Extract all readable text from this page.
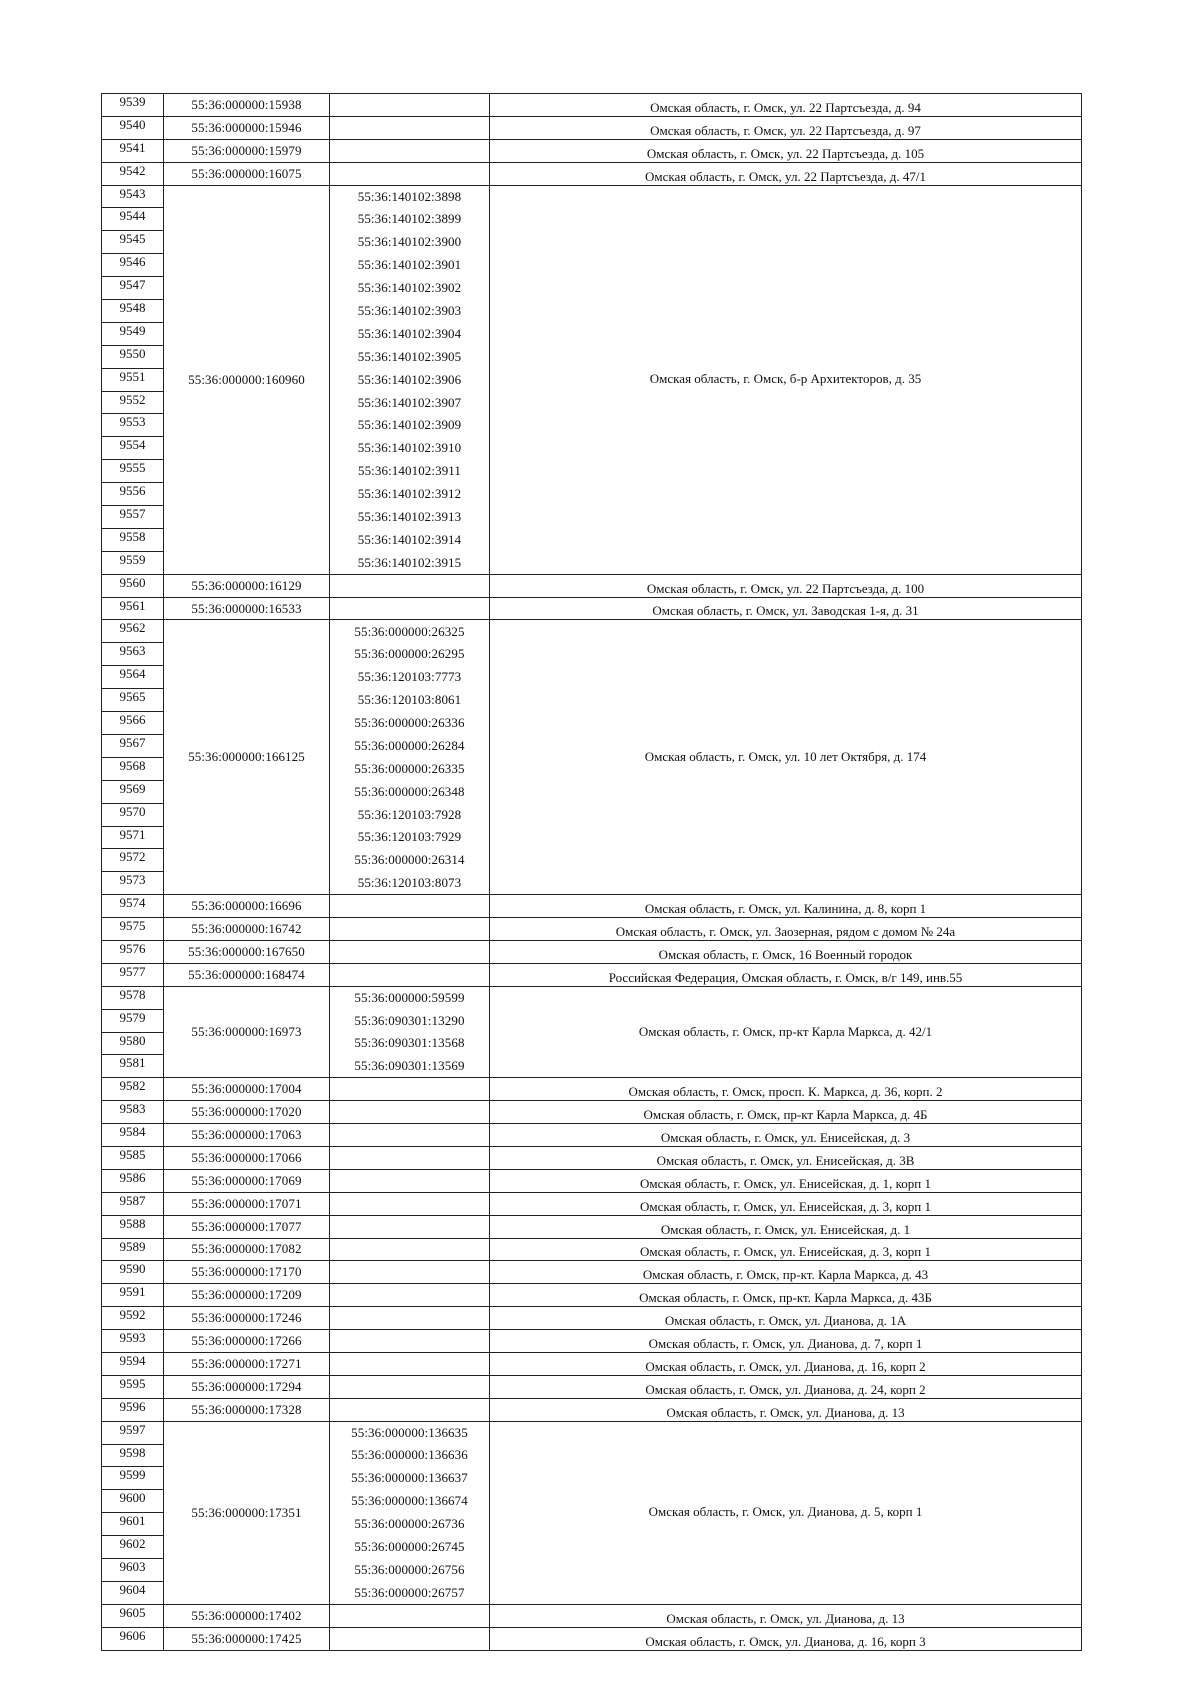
9539	55:36:000000:15938		Омская область, г. Омск, ул. 22 Партсъезда, д. 94
9540	55:36:000000:15946		Омская область, г. Омск, ул. 22 Партсъезда, д. 97
9541	55:36:000000:15979		Омская область, г. Омск, ул. 22 Партсъезда, д. 105
9542	55:36:000000:16075		Омская область, г. Омск, ул. 22 Партсъезда, д. 47/1
9543	55:36:000000:160960	55:36:140102:3898	Омская область, г. Омск, б-р Архитекторов, д. 35
9544		55:36:140102:3899	
9545		55:36:140102:3900	
9546		55:36:140102:3901	
9547		55:36:140102:3902	
9548		55:36:140102:3903	
9549		55:36:140102:3904	
9550		55:36:140102:3905	
9551		55:36:140102:3906	
9552		55:36:140102:3907	
9553		55:36:140102:3909	
9554		55:36:140102:3910	
9555		55:36:140102:3911	
9556		55:36:140102:3912	
9557		55:36:140102:3913	
9558		55:36:140102:3914	
9559		55:36:140102:3915	
9560	55:36:000000:16129		Омская область, г. Омск, ул. 22 Партсъезда, д. 100
9561	55:36:000000:16533		Омская область, г. Омск, ул. Заводская 1-я, д. 31
9562	55:36:000000:166125	55:36:000000:26325	Омская область, г. Омск, ул. 10 лет Октября, д. 174
9563		55:36:000000:26295	
9564		55:36:120103:7773	
9565		55:36:120103:8061	
9566		55:36:000000:26336	
9567		55:36:000000:26284	
9568		55:36:000000:26335	
9569		55:36:000000:26348	
9570		55:36:120103:7928	
9571		55:36:120103:7929	
9572		55:36:000000:26314	
9573		55:36:120103:8073	
9574	55:36:000000:16696		Омская область, г. Омск, ул. Калинина, д. 8, корп 1
9575	55:36:000000:16742		Омская область, г. Омск, ул. Заозерная, рядом с домом № 24а
9576	55:36:000000:167650		Омская область, г. Омск, 16 Военный городок
9577	55:36:000000:168474		Российская Федерация, Омская область, г. Омск, в/г 149, инв.55
9578	55:36:000000:16973	55:36:000000:59599	Омская область, г. Омск, пр-кт Карла Маркса, д. 42/1
9579		55:36:090301:13290	
9580		55:36:090301:13568	
9581		55:36:090301:13569	
9582	55:36:000000:17004		Омская область, г. Омск, просп. К. Маркса, д. 36, корп. 2
9583	55:36:000000:17020		Омская область, г. Омск, пр-кт Карла Маркса, д. 4Б
9584	55:36:000000:17063		Омская область, г. Омск, ул. Енисейская, д. 3
9585	55:36:000000:17066		Омская область, г. Омск, ул. Енисейская, д. 3В
9586	55:36:000000:17069		Омская область, г. Омск, ул. Енисейская, д. 1, корп 1
9587	55:36:000000:17071		Омская область, г. Омск, ул. Енисейская, д. 3, корп 1
9588	55:36:000000:17077		Омская область, г. Омск, ул. Енисейская, д. 1
9589	55:36:000000:17082		Омская область, г. Омск, ул. Енисейская, д. 3, корп 1
9590	55:36:000000:17170		Омская область, г. Омск, пр-кт. Карла Маркса, д. 43
9591	55:36:000000:17209		Омская область, г. Омск, пр-кт. Карла Маркса, д. 43Б
9592	55:36:000000:17246		Омская область, г. Омск, ул. Дианова, д. 1А
9593	55:36:000000:17266		Омская область, г. Омск, ул. Дианова, д. 7, корп 1
9594	55:36:000000:17271		Омская область, г. Омск, ул. Дианова, д. 16, корп 2
9595	55:36:000000:17294		Омская область, г. Омск, ул. Дианова, д. 24, корп 2
9596	55:36:000000:17328		Омская область, г. Омск, ул. Дианова, д. 13
9597	55:36:000000:17351	55:36:000000:136635	Омская область, г. Омск, ул. Дианова, д. 5, корп 1
9598		55:36:000000:136636	
9599		55:36:000000:136637	
9600		55:36:000000:136674	
9601		55:36:000000:26736	
9602		55:36:000000:26745	
9603		55:36:000000:26756	
9604		55:36:000000:26757	
9605	55:36:000000:17402		Омская область, г. Омск, ул. Дианова, д. 13
9606	55:36:000000:17425		Омская область, г. Омск, ул. Дианова, д. 16, корп 3
